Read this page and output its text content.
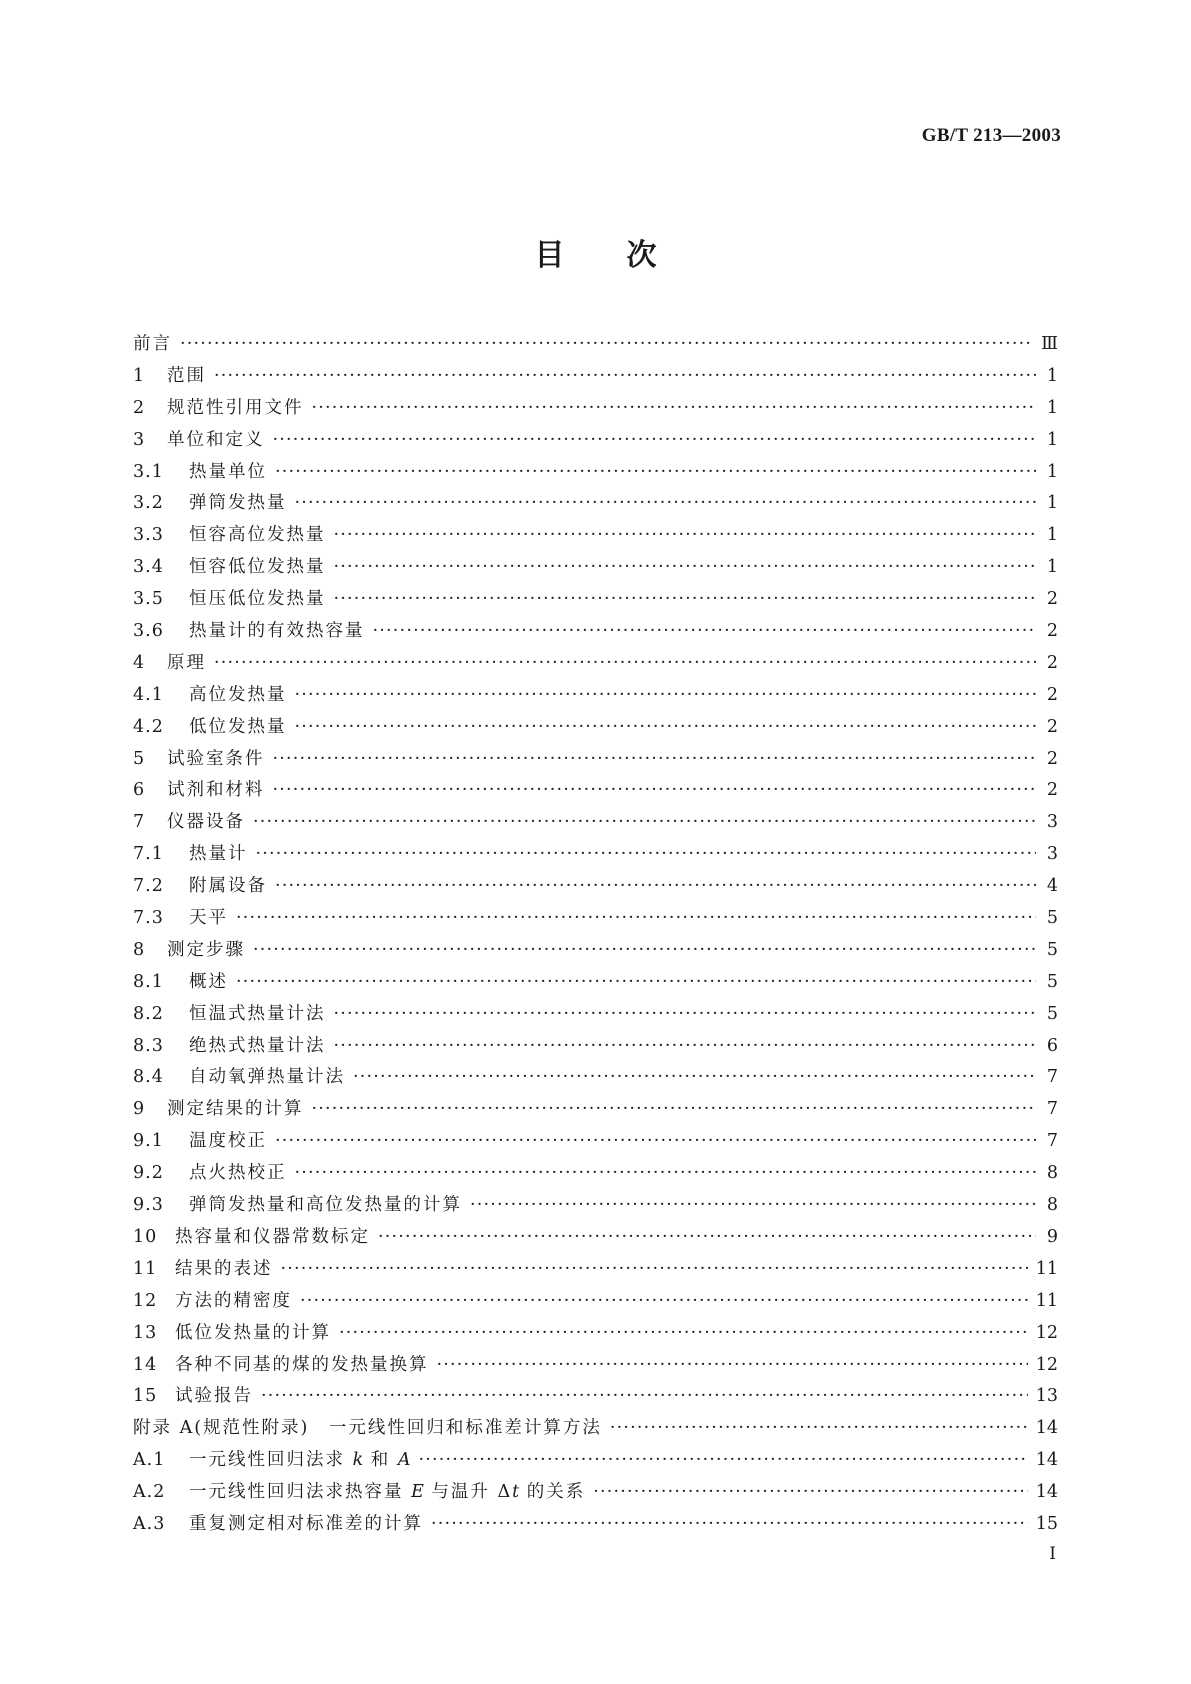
GB/T 213—2003
目 次
前言 ·····	Ⅲ
1	范围 ·····	1
2	规范性引用文件 ·····	1
3	单位和定义 ·····	1
3.1	热量单位 ·····	1
3.2	弹筒发热量 ·····	1
3.3	恒容高位发热量 ·····	1
3.4	恒容低位发热量 ·····	1
3.5	恒压低位发热量 ·····	2
3.6	热量计的有效热容量 ·····	2
4	原理 ·····	2
4.1	高位发热量 ·····	2
4.2	低位发热量 ·····	2
5	试验室条件 ·····	2
6	试剂和材料 ·····	2
7	仪器设备 ·····	3
7.1	热量计 ·····	3
7.2	附属设备 ·····	4
7.3	天平 ·····	5
8	测定步骤 ·····	5
8.1	概述 ·····	5
8.2	恒温式热量计法 ·····	5
8.3	绝热式热量计法 ·····	6
8.4	自动氧弹热量计法 ·····	7
9	测定结果的计算 ·····	7
9.1	温度校正 ·····	7
9.2	点火热校正 ·····	8
9.3	弹筒发热量和高位发热量的计算 ·····	8
10	热容量和仪器常数标定 ·····	9
11	结果的表述 ·····	11
12	方法的精密度 ·····	11
13	低位发热量的计算 ·····	12
14	各种不同基的煤的发热量换算 ·····	12
15	试验报告 ·····	13
附录 A(规范性附录)　一元线性回归和标准差计算方法 ·····	14
A.1	一元线性回归法求 k 和 A ·····	14
A.2	一元线性回归法求热容量 E 与温升 Δt 的关系 ·····	14
A.3	重复测定相对标准差的计算 ·····	15
I
